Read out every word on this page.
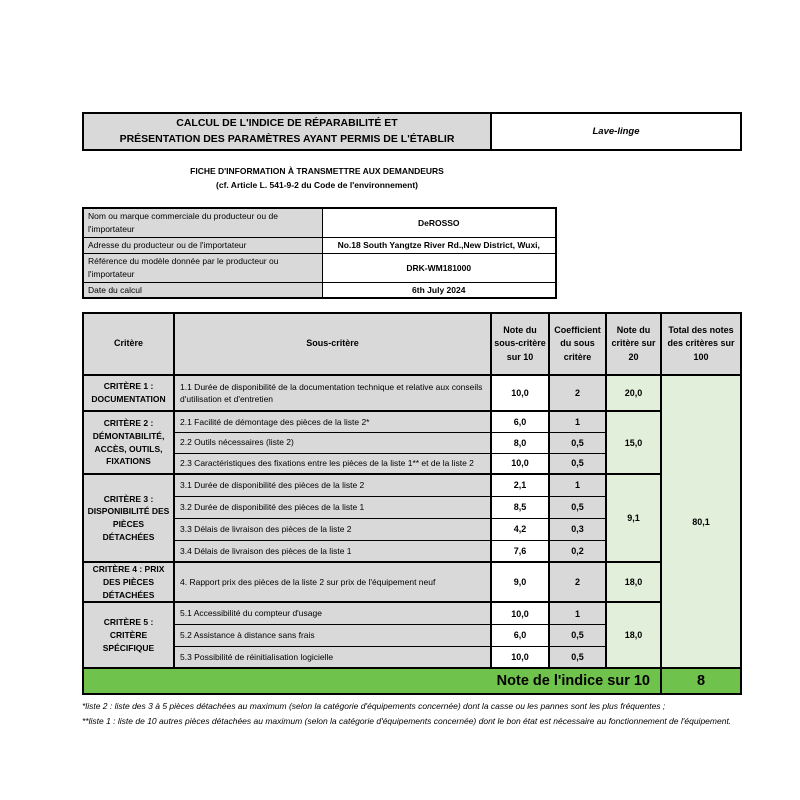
CALCUL DE L'INDICE DE RÉPARABILITÉ ET
PRÉSENTATION DES PARAMÈTRES AYANT PERMIS DE L'ÉTABLIR
	Lave-linge
FICHE D'INFORMATION À TRANSMETTRE AUX DEMANDEURS
(cf. Article L. 541-9-2 du Code de l'environnement)
Nom ou marque commerciale du producteur ou de l'importateur	DeROSSO
Adresse du producteur ou de l'importateur	No.18 South Yangtze River Rd.,New District, Wuxi,
Référence du modèle donnée par le producteur ou l'importateur	DRK-WM181000
Date du calcul	6th July 2024
Critère	Sous-critère	Note du sous-critère sur 10	Coefficient du sous critère	Note du critère sur 20	Total des notes des critères sur 100
CRITÈRE 1 : DOCUMENTATION	1.1 Durée de disponibilité de la documentation technique et relative aux conseils d'utilisation et d'entretien	10,0	2	20,0	80,1
CRITÈRE 2 : DÉMONTABILITÉ, ACCÈS, OUTILS, FIXATIONS	2.1 Facilité de démontage des pièces de la liste 2*	6,0	1	15,0	
	2.2 Outils nécessaires (liste 2)	8,0	0,5		
	2.3 Caractéristiques des fixations entre les pièces de la liste 1** et de la liste 2	10,0	0,5		
CRITÈRE 3 : DISPONIBILITÉ DES PIÈCES DÉTACHÉES	3.1 Durée de disponibilité des pièces de la liste 2	2,1	1	9,1	
	3.2 Durée de disponibilité des pièces de la liste 1	8,5	0,5		
	3.3 Délais de livraison des pièces de la liste 2	4,2	0,3		
	3.4 Délais de livraison des pièces de la liste 1	7,6	0,2		
CRITÈRE 4 : PRIX DES PIÈCES DÉTACHÉES	4. Rapport prix des pièces de la liste 2 sur prix de l'équipement neuf	9,0	2	18,0	
CRITÈRE 5 : CRITÈRE SPÉCIFIQUE	5.1 Accessibilité du compteur d'usage	10,0	1	18,0	
	5.2 Assistance à distance sans frais	6,0	0,5		
	5.3 Possibilité de réinitialisation logicielle	10,0	0,5		
Note de l'indice sur 10					8
*liste 2 : liste des 3 à 5 pièces détachées au maximum (selon la catégorie d'équipements concernée) dont la casse ou les pannes sont les plus fréquentes ;
**liste 1 : liste de 10 autres pièces détachées au maximum (selon la catégorie d'équipements concernée) dont le bon état est nécessaire au fonctionnement de l'équipement.
